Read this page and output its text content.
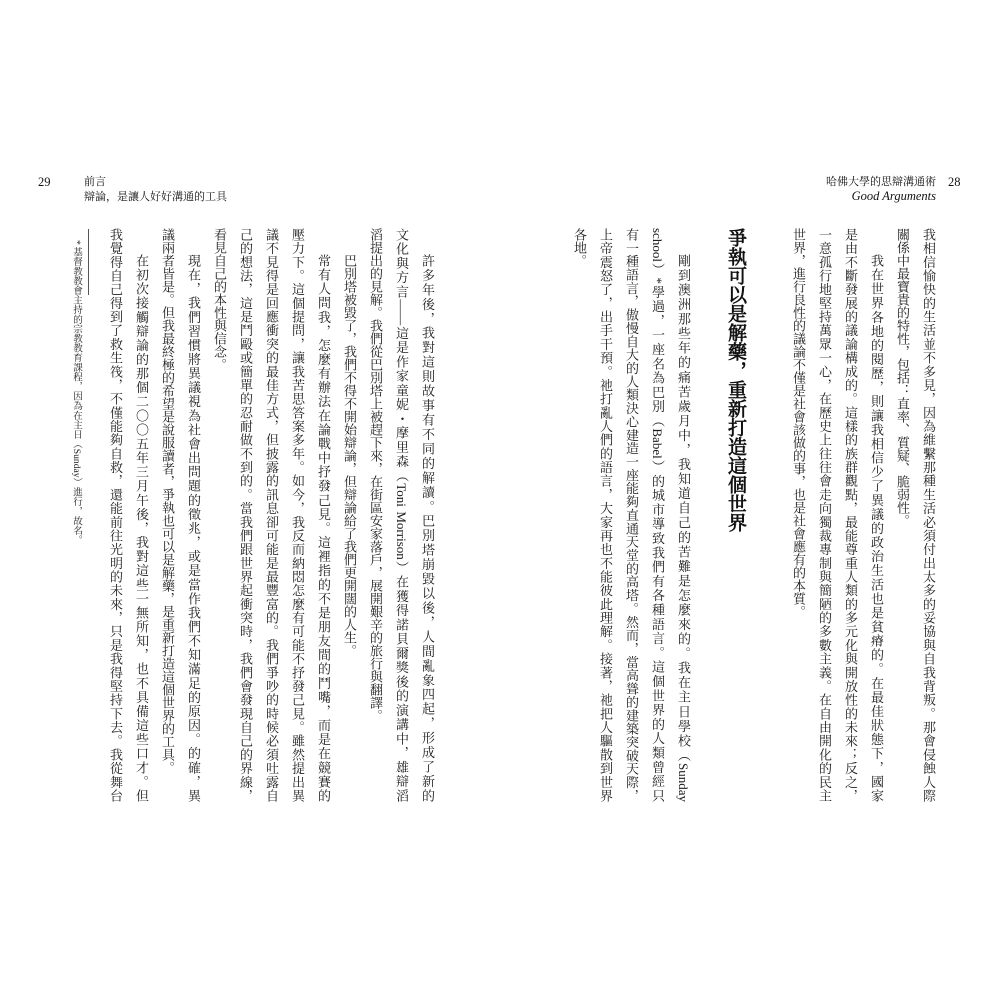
29	前言
辯論，是讓人好好溝通的工具
許多年後，我對這則故事有不同的解讀。巴別塔崩毀以後，人間亂象四起，形成了新的
文化與方言——這是作家童妮・摩里森（Toni Morrison）在獲得諾貝爾獎後的演講中，雄辯滔
滔提出的見解。我們從巴別塔上被趕下來，在街區安家落戶，展開艱辛的旅行與翻譯。
巴別塔被毀了，我們不得不開始辯論，但辯論給了我們更開闊的人生。
常有人問我，怎麼有辦法在論戰中抒發己見。這裡指的不是朋友間的鬥嘴，而是在競賽的
壓力下。這個提問，讓我苦思答案多年。如今，我反而納悶怎麼有可能不抒發己見。雖然提出異
議不見得是回應衝突的最佳方式，但披露的訊息卻可能是最豐富的。我們爭吵的時候必須吐露自
己的想法，這是鬥毆或簡單的忍耐做不到的。當我們跟世界起衝突時，我們會發現自己的界線，
看見自己的本性與信念。
現在，我們習慣將異議視為社會出問題的徵兆，或是當作我們不知滿足的原因。的確，異
議兩者皆是。但我最終極的希望是說服讀者，爭執也可以是解藥，是重新打造這個世界的工具。
在初次接觸辯論的那個二〇〇五年三月午後，我對這些一無所知，也不具備這些口才。但
我覺得自己得到了救生筏，不僅能夠自救，還能前往光明的未來，只是我得堅持下去。我從舞台
* 基督教教會主持的宗教教育課程，因為在主日（Sunday）進行，故名。
哈佛大學的思辯溝通術 28
Good Arguments
我相信愉快的生活並不多見，因為維繫那種生活必須付出太多的妥協與自我背叛。那會侵蝕人際
關係中最寶貴的特性，包括：直率、質疑、脆弱性。
我在世界各地的閱歷，則讓我相信少了異議的政治生活也是貧瘠的。在最佳狀態下，國家
是由不斷發展的議論構成的。這樣的族群觀點，最能尊重人類的多元化與開放性的未來；反之，
一意孤行地堅持萬眾一心，在歷史上往往會走向獨裁專制與簡陋的多數主義。在自由開化的民主
世界，進行良性的議論不僅是社會該做的事，也是社會應有的本質。
爭執可以是解藥，重新打造這個世界
剛到澳洲那些年的痛苦歲月中，我知道自己的苦難是怎麼來的。我在主日學校（Sunday
school）*學過，一座名為巴別（Babel）的城市導致我們有各種語言。這個世界的人類曾經只
有一種語言，傲慢自大的人類決心建造一座能夠直通天堂的高塔。然而，當高聳的建築突破天際，
上帝震怒了，出手干預。祂打亂人們的語言，大家再也不能彼此理解。接著，祂把人驅散到世界
各地。
